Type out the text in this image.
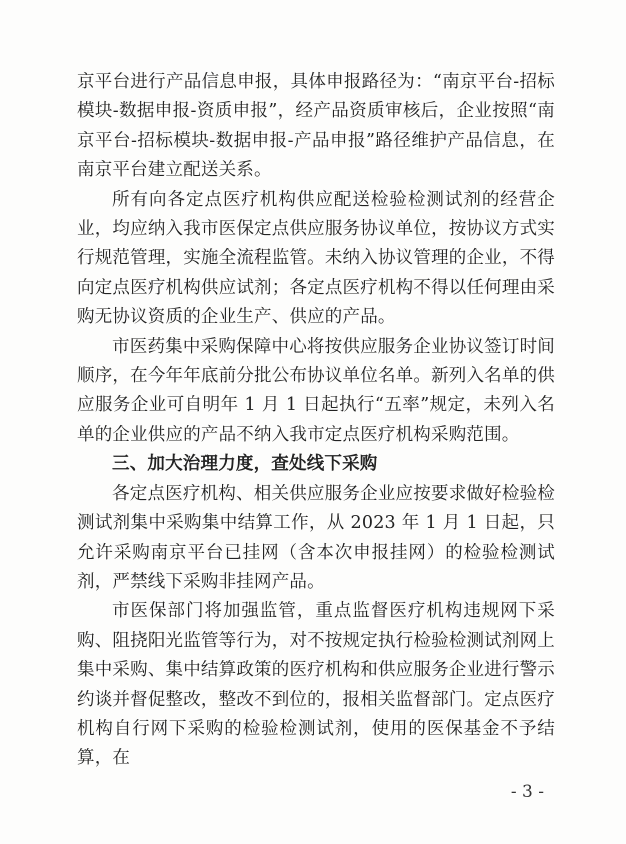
京平台进行产品信息申报，具体申报路径为：“南京平台-招标模块-数据申报-资质申报”，经产品资质审核后，企业按照“南京平台-招标模块-数据申报-产品申报”路径维护产品信息，在南京平台建立配送关系。

所有向各定点医疗机构供应配送检验检测试剂的经营企业，均应纳入我市医保定点供应服务协议单位，按协议方式实行规范管理，实施全流程监管。未纳入协议管理的企业，不得向定点医疗机构供应试剂；各定点医疗机构不得以任何理由采购无协议资质的企业生产、供应的产品。

市医药集中采购保障中心将按供应服务企业协议签订时间顺序，在今年年底前分批公布协议单位名单。新列入名单的供应服务企业可自明年 1 月 1 日起执行“五率”规定，未列入名单的企业供应的产品不纳入我市定点医疗机构采购范围。

三、加大治理力度，查处线下采购

各定点医疗机构、相关供应服务企业应按要求做好检验检测试剂集中采购集中结算工作，从 2023 年 1 月 1 日起，只允许采购南京平台已挂网（含本次申报挂网）的检验检测试剂，严禁线下采购非挂网产品。

市医保部门将加强监管，重点监督医疗机构违规网下采购、阻挠阳光监管等行为，对不按规定执行检验检测试剂网上集中采购、集中结算政策的医疗机构和供应服务企业进行警示约谈并督促整改，整改不到位的，报相关监督部门。定点医疗机构自行网下采购的检验检测试剂，使用的医保基金不予结算，在

- 3 -
